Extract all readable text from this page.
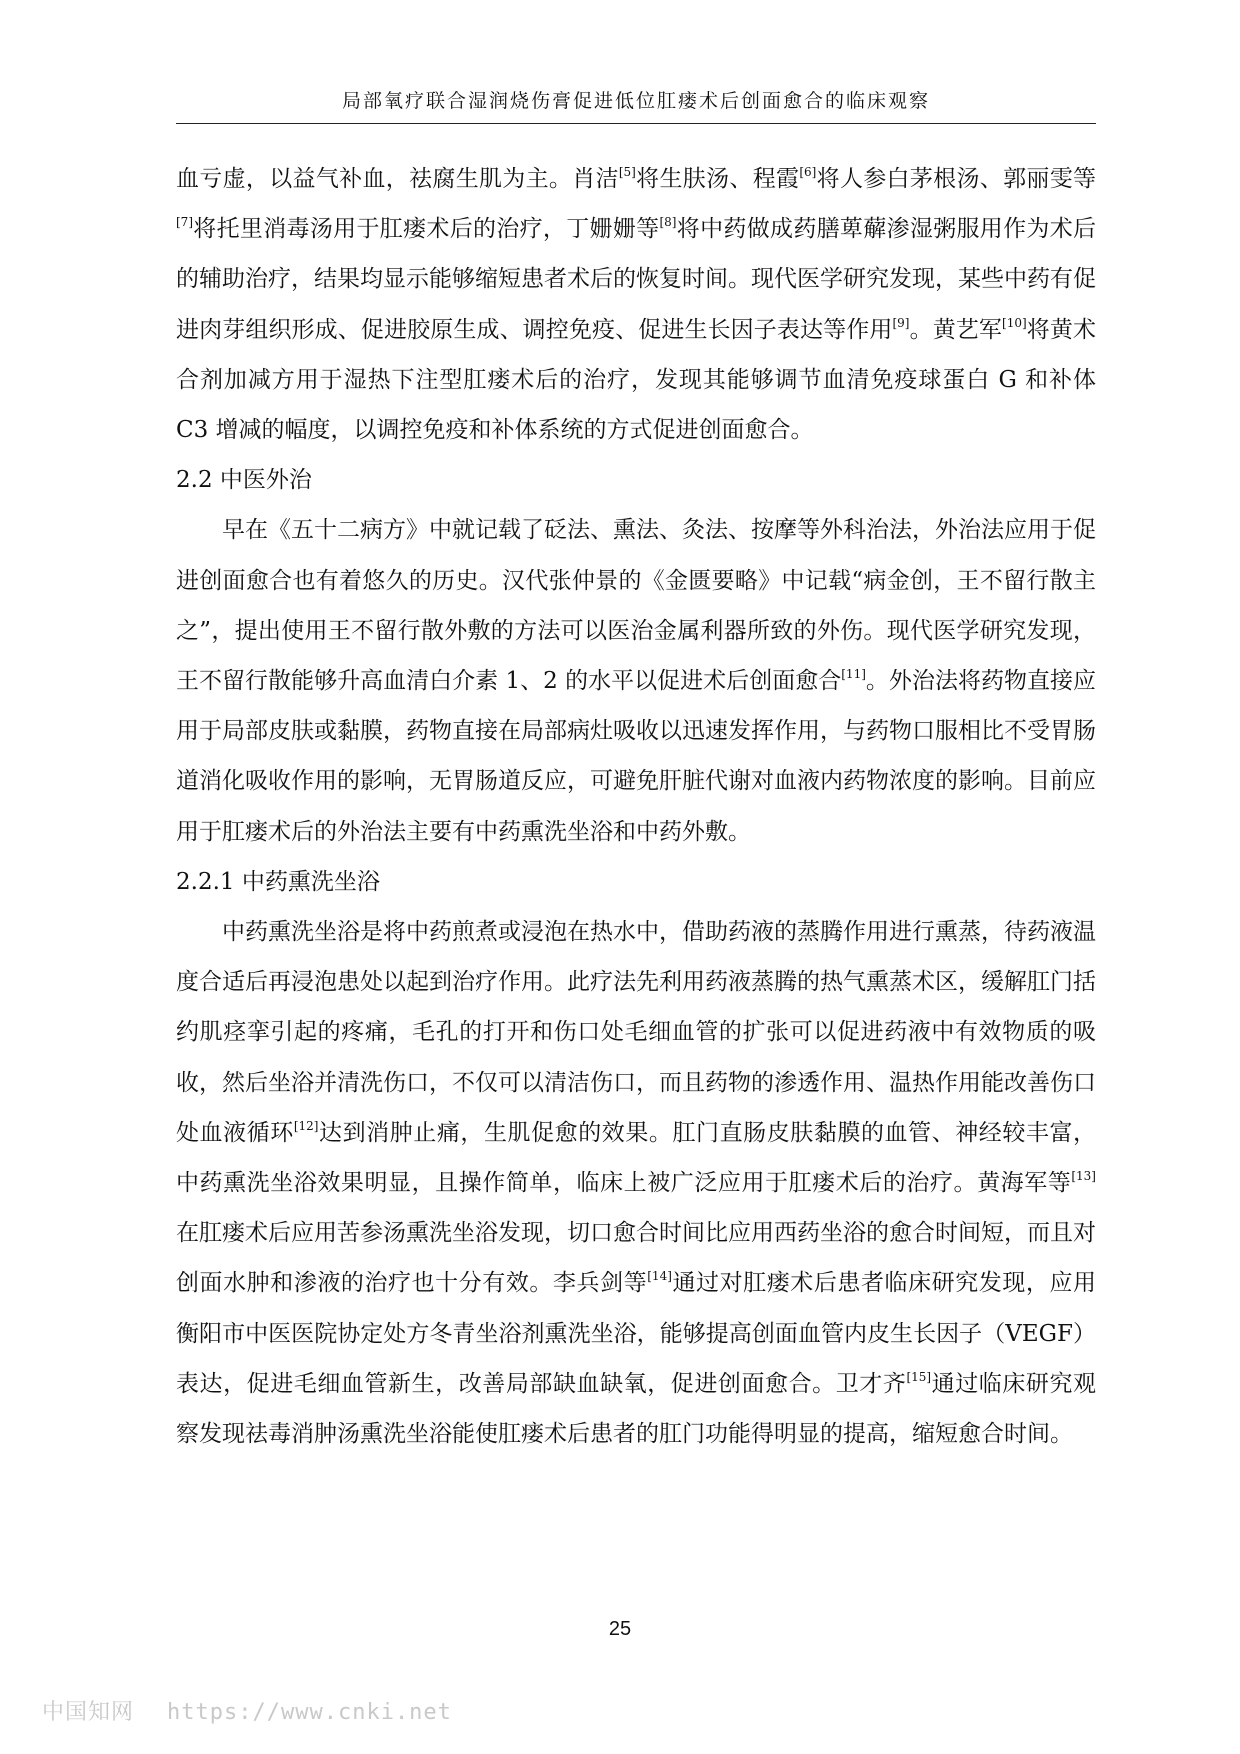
局部氧疗联合湿润烧伤膏促进低位肛瘘术后创面愈合的临床观察

血亏虚，以益气补血，祛腐生肌为主。肖洁[5]将生肤汤、程霞[6]将人参白茅根汤、郭丽雯等[7]将托里消毒汤用于肛瘘术后的治疗，丁姗姗等[8]将中药做成药膳萆薢渗湿粥服用作为术后的辅助治疗，结果均显示能够缩短患者术后的恢复时间。现代医学研究发现，某些中药有促进肉芽组织形成、促进胶原生成、调控免疫、促进生长因子表达等作用[9]。黄艺军[10]将黄术合剂加减方用于湿热下注型肛瘘术后的治疗，发现其能够调节血清免疫球蛋白 G 和补体 C3 增减的幅度，以调控免疫和补体系统的方式促进创面愈合。

2.2 中医外治

早在《五十二病方》中就记载了砭法、熏法、灸法、按摩等外科治法，外治法应用于促进创面愈合也有着悠久的历史。汉代张仲景的《金匮要略》中记载“病金创，王不留行散主之”，提出使用王不留行散外敷的方法可以医治金属利器所致的外伤。现代医学研究发现，王不留行散能够升高血清白介素 1、2 的水平以促进术后创面愈合[11]。外治法将药物直接应用于局部皮肤或黏膜，药物直接在局部病灶吸收以迅速发挥作用，与药物口服相比不受胃肠道消化吸收作用的影响，无胃肠道反应，可避免肝脏代谢对血液内药物浓度的影响。目前应用于肛瘘术后的外治法主要有中药熏洗坐浴和中药外敷。

2.2.1 中药熏洗坐浴

中药熏洗坐浴是将中药煎煮或浸泡在热水中，借助药液的蒸腾作用进行熏蒸，待药液温度合适后再浸泡患处以起到治疗作用。此疗法先利用药液蒸腾的热气熏蒸术区，缓解肛门括约肌痉挛引起的疼痛，毛孔的打开和伤口处毛细血管的扩张可以促进药液中有效物质的吸收，然后坐浴并清洗伤口，不仅可以清洁伤口，而且药物的渗透作用、温热作用能改善伤口处血液循环[12]达到消肿止痛，生肌促愈的效果。肛门直肠皮肤黏膜的血管、神经较丰富，中药熏洗坐浴效果明显，且操作简单，临床上被广泛应用于肛瘘术后的治疗。黄海军等[13]在肛瘘术后应用苦参汤熏洗坐浴发现，切口愈合时间比应用西药坐浴的愈合时间短，而且对创面水肿和渗液的治疗也十分有效。李兵剑等[14]通过对肛瘘术后患者临床研究发现，应用衡阳市中医医院协定处方冬青坐浴剂熏洗坐浴，能够提高创面血管内皮生长因子（VEGF）表达，促进毛细血管新生，改善局部缺血缺氧，促进创面愈合。卫才齐[15]通过临床研究观察发现祛毒消肿汤熏洗坐浴能使肛瘘术后患者的肛门功能得明显的提高，缩短愈合时间。

25
中国知网 https://www.cnki.net
